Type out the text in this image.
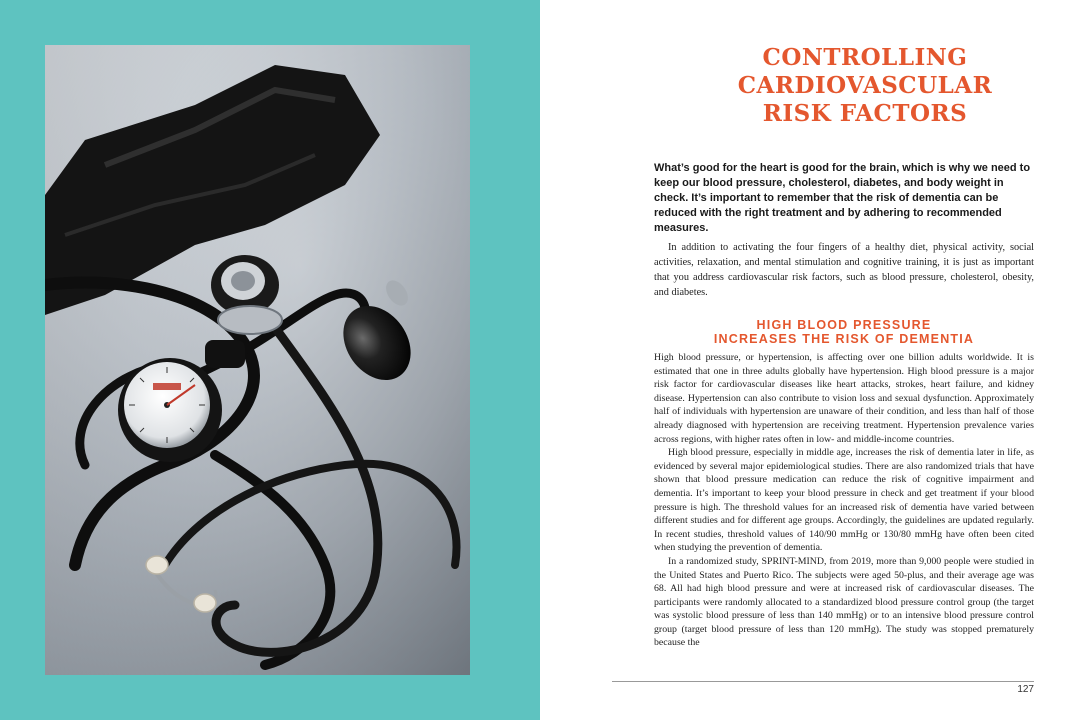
CONTROLLING
CARDIOVASCULAR
RISK FACTORS

What’s good for the heart is good for the brain, which is why we need to keep our blood pressure, cholesterol, diabetes, and body weight in check. It’s important to remember that the risk of dementia can be reduced with the right treatment and by adhering to recommended measures.

In addition to activating the four fingers of a healthy diet, physical activity, social activities, relaxation, and mental stimulation and cognitive training, it is just as important that you address cardiovascular risk factors, such as blood pressure, cholesterol, obesity, and diabetes.

HIGH BLOOD PRESSURE
INCREASES THE RISK OF DEMENTIA

High blood pressure, or hypertension, is affecting over one billion adults worldwide. It is estimated that one in three adults globally have hypertension. High blood pressure is a major risk factor for cardiovascular diseases like heart attacks, strokes, heart failure, and kidney disease. Hypertension can also contribute to vision loss and sexual dysfunction. Approximately half of individuals with hypertension are unaware of their condition, and less than half of those already diagnosed with hypertension are receiving treatment. Hypertension prevalence varies across regions, with higher rates often in low- and middle-income countries.

High blood pressure, especially in middle age, increases the risk of dementia later in life, as evidenced by several major epidemiological studies. There are also randomized trials that have shown that blood pressure medication can reduce the risk of cognitive impairment and dementia. It’s important to keep your blood pressure in check and get treatment if your blood pressure is high. The threshold values for an increased risk of dementia have varied between different studies and for different age groups. Accordingly, the guidelines are updated regularly. In recent studies, threshold values of 140/90 mmHg or 130/80 mmHg have often been cited when studying the prevention of dementia.

In a randomized study, SPRINT-MIND, from 2019, more than 9,000 people were studied in the United States and Puerto Rico. The subjects were aged 50-plus, and their average age was 68. All had high blood pressure and were at increased risk of cardiovascular diseases. The participants were randomly allocated to a standardized blood pressure control group (the target was systolic blood pressure of less than 140 mmHg) or to an intensive blood pressure control group (target blood pressure of less than 120 mmHg). The study was stopped prematurely because the

127
